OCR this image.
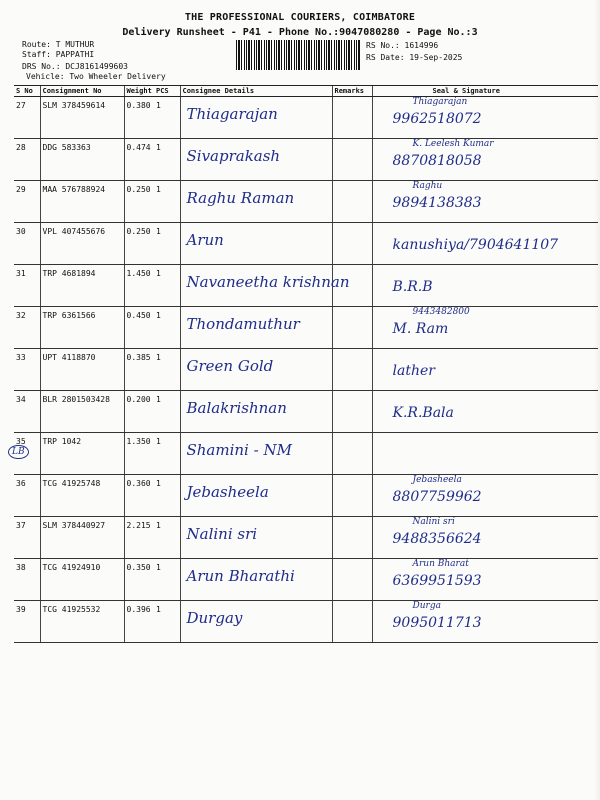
THE PROFESSIONAL COURIERS, COIMBATORE
Delivery Runsheet - P41 - Phone No.:9047080280 - Page No.:3
Route: T MUTHUR
Staff: PAPPATHI
DRS No.: DCJ8161499603
Vehicle: Two Wheeler Delivery
RS No.: 1614996
RS Date: 19-Sep-2025
S No	Consignment No	Weight	PCS	Consignee Details	Remarks	Seal & Signature
27	SLM 378459614	0.380	1	Thiagarajan		Thiagarajan
9962518072

28	DDG 583363	0.474	1	Sivaprakash		K. Leelesh Kumar
8870818058

29	MAA 576788924	0.250	1	Raghu Raman		Raghu
9894138383

30	VPL 407455676	0.250	1	Arun		kanushiya/7904641107

31	TRP 4681894	1.450	1	Navaneetha krishnan		B.R.B

32	TRP 6361566	0.450	1	Thondamuthur		9443482800
M. Ram

33	UPT 4118870	0.385	1	Green Gold		lather

34	BLR 2801503428	0.200	1	Balakrishnan		K.R.Bala

35
LB	TRP 1042	1.350	1	Shamini - NM		

36	TCG 41925748	0.360	1	Jebasheela		Jebasheela
8807759962

37	SLM 378440927	2.215	1	Nalini sri		Nalini sri
9488356624

38	TCG 41924910	0.350	1	Arun Bharathi		Arun Bharat
6369951593

39	TCG 41925532	0.396	1	Durgay		Durga
9095011713
